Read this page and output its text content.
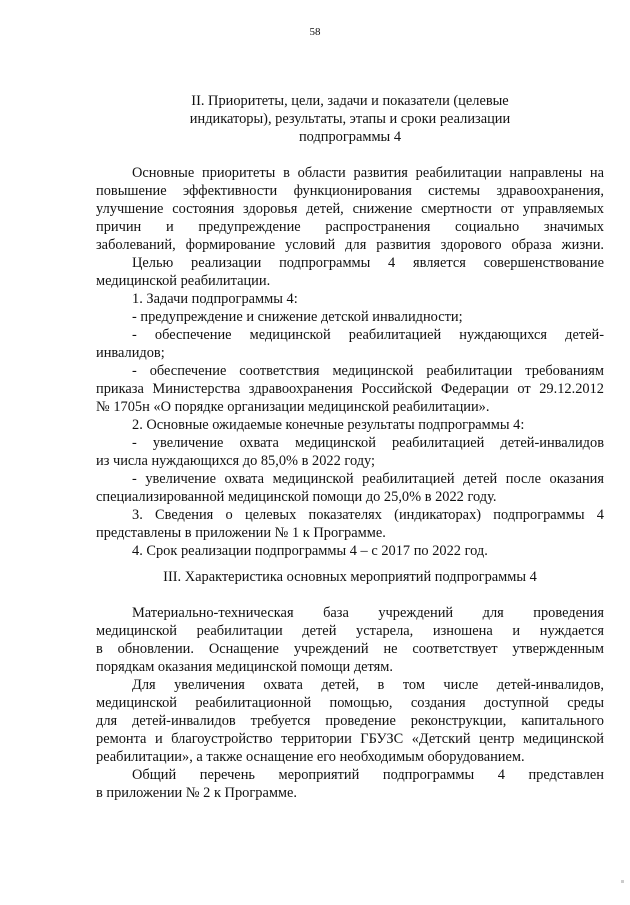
58
II. Приоритеты, цели, задачи и показатели (целевые
индикаторы), результаты, этапы и сроки реализации
подпрограммы 4

Основные приоритеты в области развития реабилитации направлены на

повышение эффективности функционирования системы здравоохранения,

улучшение состояния здоровья детей, снижение смертности от управляемых

причин и предупреждение распространения социально значимых

заболеваний, формирование условий для развития здорового образа жизни.

Целью реализации подпрограммы 4 является совершенствование

медицинской реабилитации.

1. Задачи подпрограммы 4:

- предупреждение и снижение детской инвалидности;

- обеспечение медицинской реабилитацией нуждающихся детей-

инвалидов;

- обеспечение соответствия медицинской реабилитации требованиям

приказа Министерства здравоохранения Российской Федерации от 29.12.2012

№ 1705н «О порядке организации медицинской реабилитации».

2. Основные ожидаемые конечные результаты подпрограммы 4:

- увеличение охвата медицинской реабилитацией детей-инвалидов

из числа нуждающихся до 85,0% в 2022 году;

- увеличение охвата медицинской реабилитацией детей после оказания

специализированной медицинской помощи до 25,0% в 2022 году.

3. Сведения о целевых показателях (индикаторах) подпрограммы 4

представлены в приложении № 1 к Программе.

4. Срок реализации подпрограммы 4 – с 2017 по 2022 год.

III. Характеристика основных мероприятий подпрограммы 4

Материально-техническая база учреждений для проведения

медицинской реабилитации детей устарела, изношена и нуждается

в обновлении. Оснащение учреждений не соответствует утвержденным

порядкам оказания медицинской помощи детям.

Для увеличения охвата детей, в том числе детей-инвалидов,

медицинской реабилитационной помощью, создания доступной среды

для детей-инвалидов требуется проведение реконструкции, капитального

ремонта и благоустройство территории ГБУЗС «Детский центр медицинской

реабилитации», а также оснащение его необходимым оборудованием.

Общий перечень мероприятий подпрограммы 4 представлен

в приложении № 2 к Программе.
